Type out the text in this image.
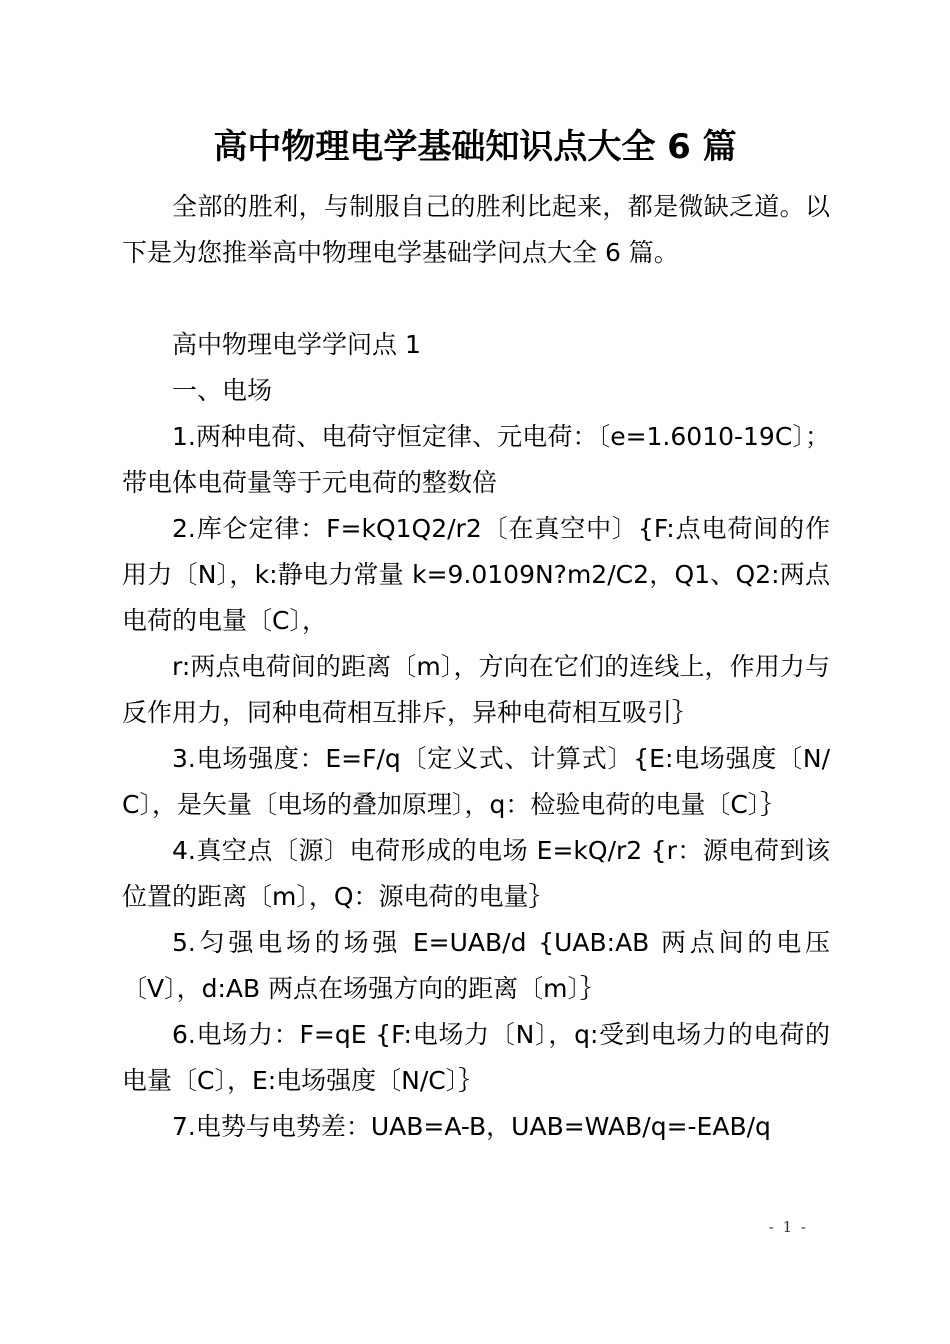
高中物理电学基础知识点大全 6 篇

全部的胜利，与制服自己的胜利比起来，都是微缺乏道。以下是为您推举高中物理电学基础学问点大全 6 篇。

高中物理电学学问点 1

一、电场

1.两种电荷、电荷守恒定律、元电荷：〔e=1.6010-19C〕；带电体电荷量等于元电荷的整数倍

2.库仑定律：F=kQ1Q2/r2〔在真空中〕{F:点电荷间的作用力〔N〕，k:静电力常量 k=9.0109N?m2/C2，Q1、Q2:两点电荷的电量〔C〕，

r:两点电荷间的距离〔m〕，方向在它们的连线上，作用力与反作用力，同种电荷相互排斥，异种电荷相互吸引｝

3.电场强度：E=F/q〔定义式、计算式〕{E:电场强度〔N/C〕，是矢量〔电场的叠加原理〕，q：检验电荷的电量〔C〕｝

4.真空点〔源〕电荷形成的电场 E=kQ/r2 {r：源电荷到该位置的距离〔m〕，Q：源电荷的电量｝

5.匀强电场的场强 E=UAB/d {UAB:AB 两点间的电压〔V〕，d:AB 两点在场强方向的距离〔m〕｝

6.电场力：F=qE {F:电场力〔N〕，q:受到电场力的电荷的电量〔C〕，E:电场强度〔N/C〕｝

7.电势与电势差：UAB=A-B，UAB=WAB/q=-EAB/q

- 1 -
